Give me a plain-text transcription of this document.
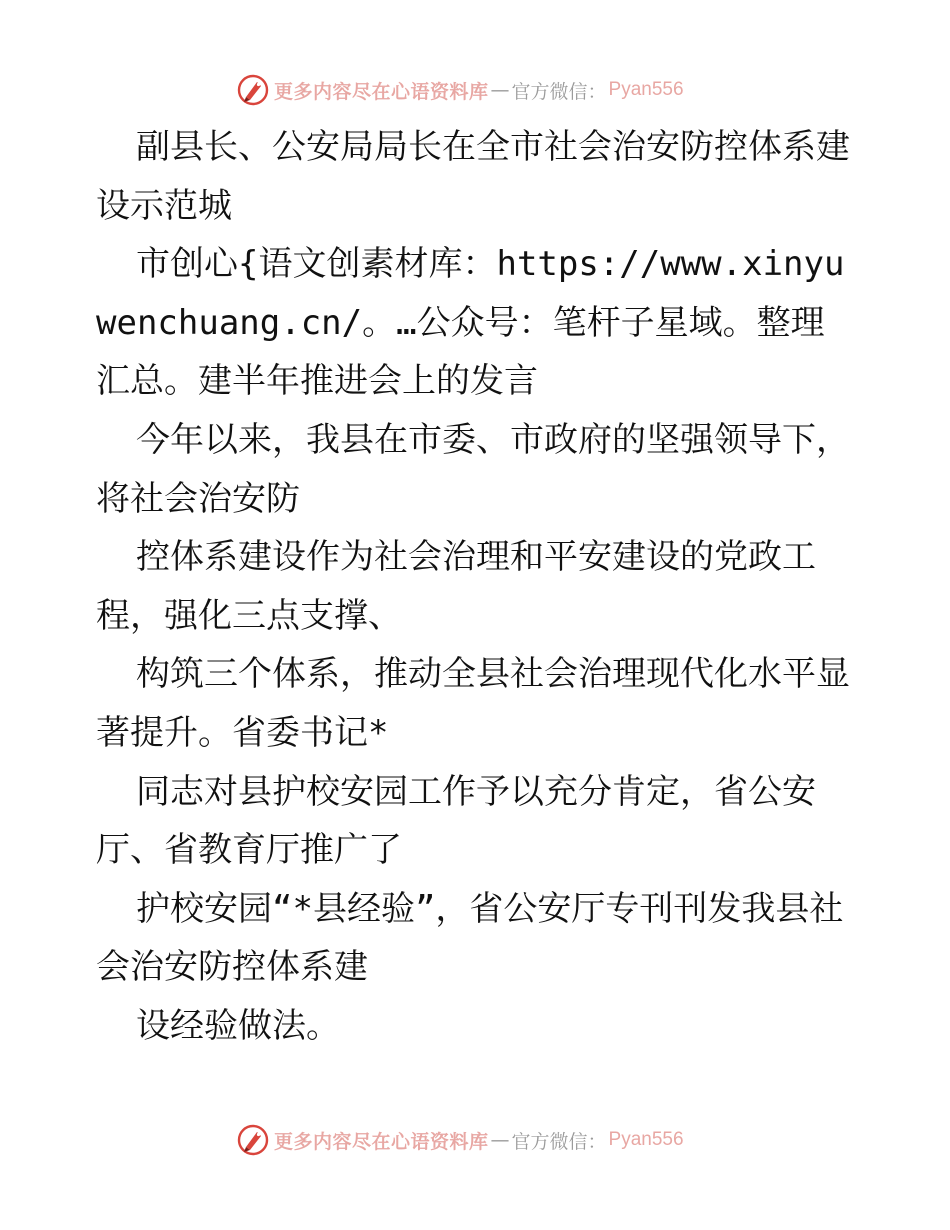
更多内容尽在心语资料库 — 官方微信： Pyan556

副县长、公安局局长在全市社会治安防控体系建设示范城

市创心{语文创素材库：https://www.xinyuwenchuang.cn/。…公众号：笔杆子星域。整理汇总。建半年推进会上的发言

今年以来，我县在市委、市政府的坚强领导下，将社会治安防

控体系建设作为社会治理和平安建设的党政工程，强化三点支撑、

构筑三个体系，推动全县社会治理现代化水平显著提升。省委书记*

同志对县护校安园工作予以充分肯定，省公安厅、省教育厅推广了

护校安园“*县经验”，省公安厅专刊刊发我县社会治安防控体系建

设经验做法。

更多内容尽在心语资料库 — 官方微信： Pyan556
